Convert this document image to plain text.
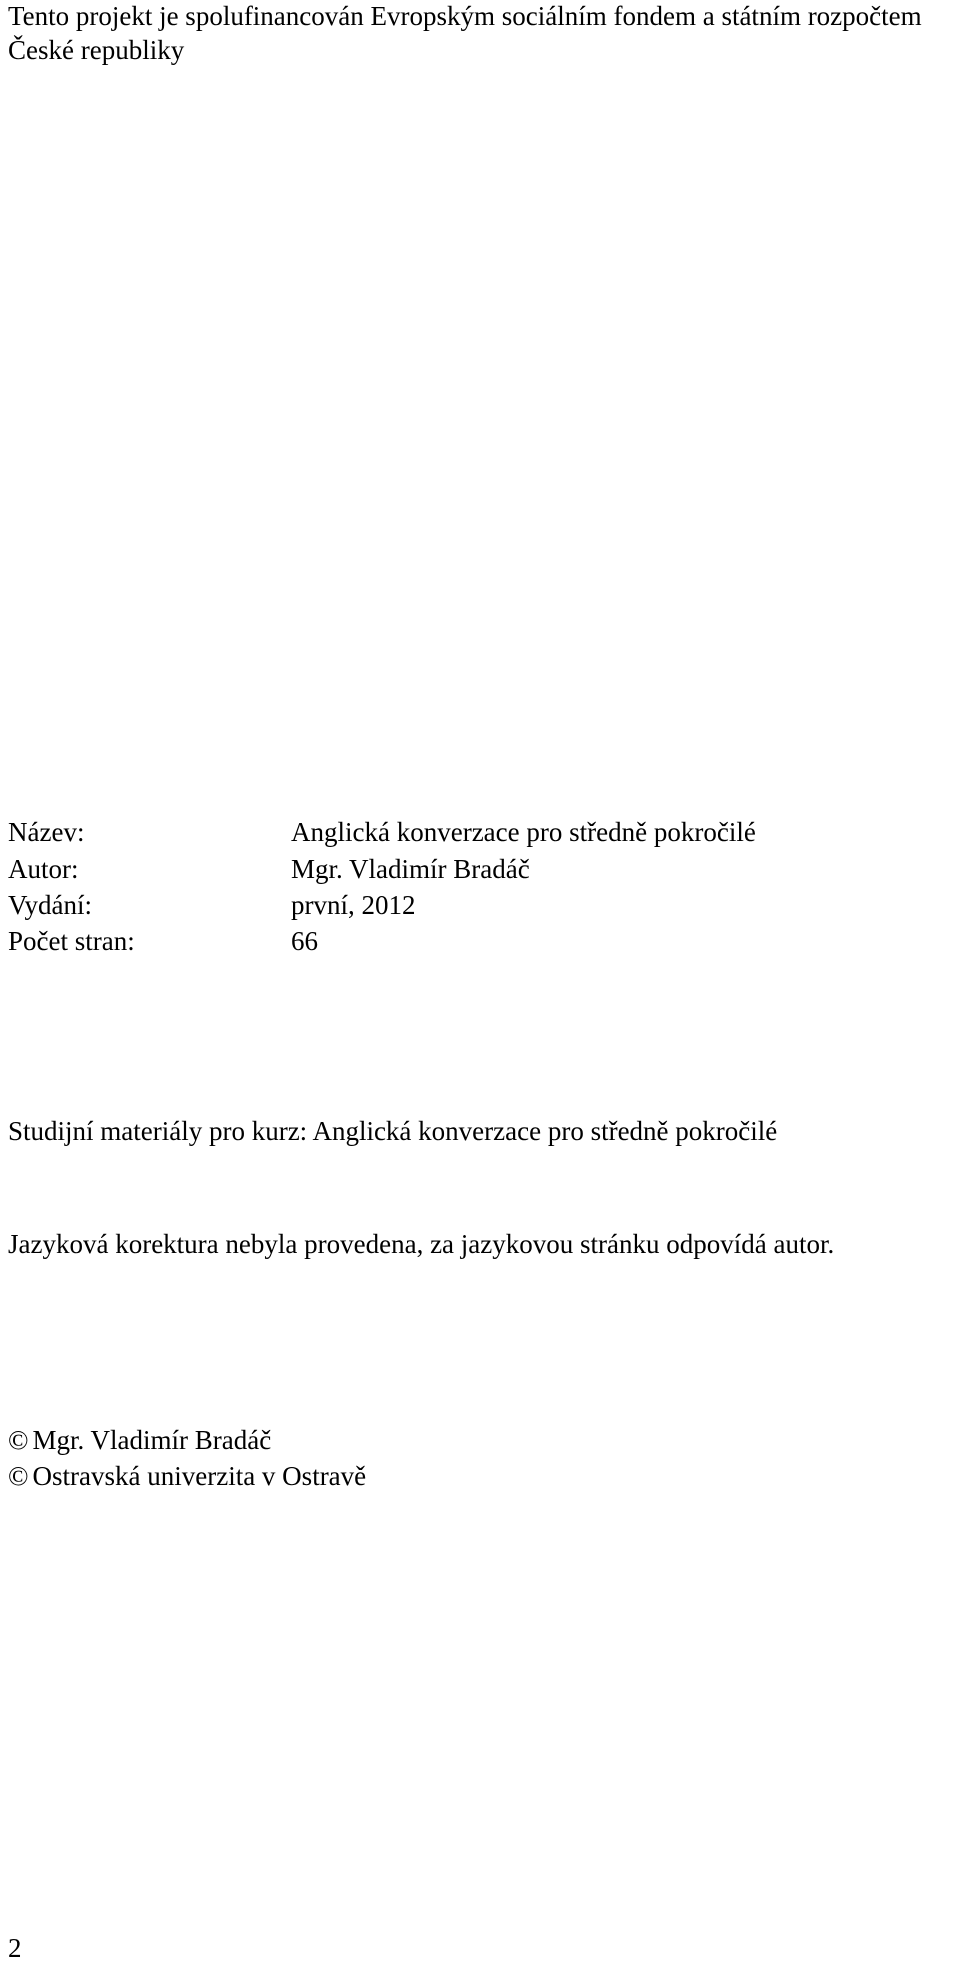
Tento projekt je spolufinancován Evropským sociálním fondem a státním rozpočtem České republiky

Název:	Anglická konverzace pro středně pokročilé
Autor:	Mgr. Vladimír Bradáč
Vydání:	první, 2012
Počet stran:	66

Studijní materiály pro kurz: Anglická konverzace pro středně pokročilé

Jazyková korektura nebyla provedena, za jazykovou stránku odpovídá autor.

© Mgr. Vladimír Bradáč
© Ostravská univerzita v Ostravě

2
